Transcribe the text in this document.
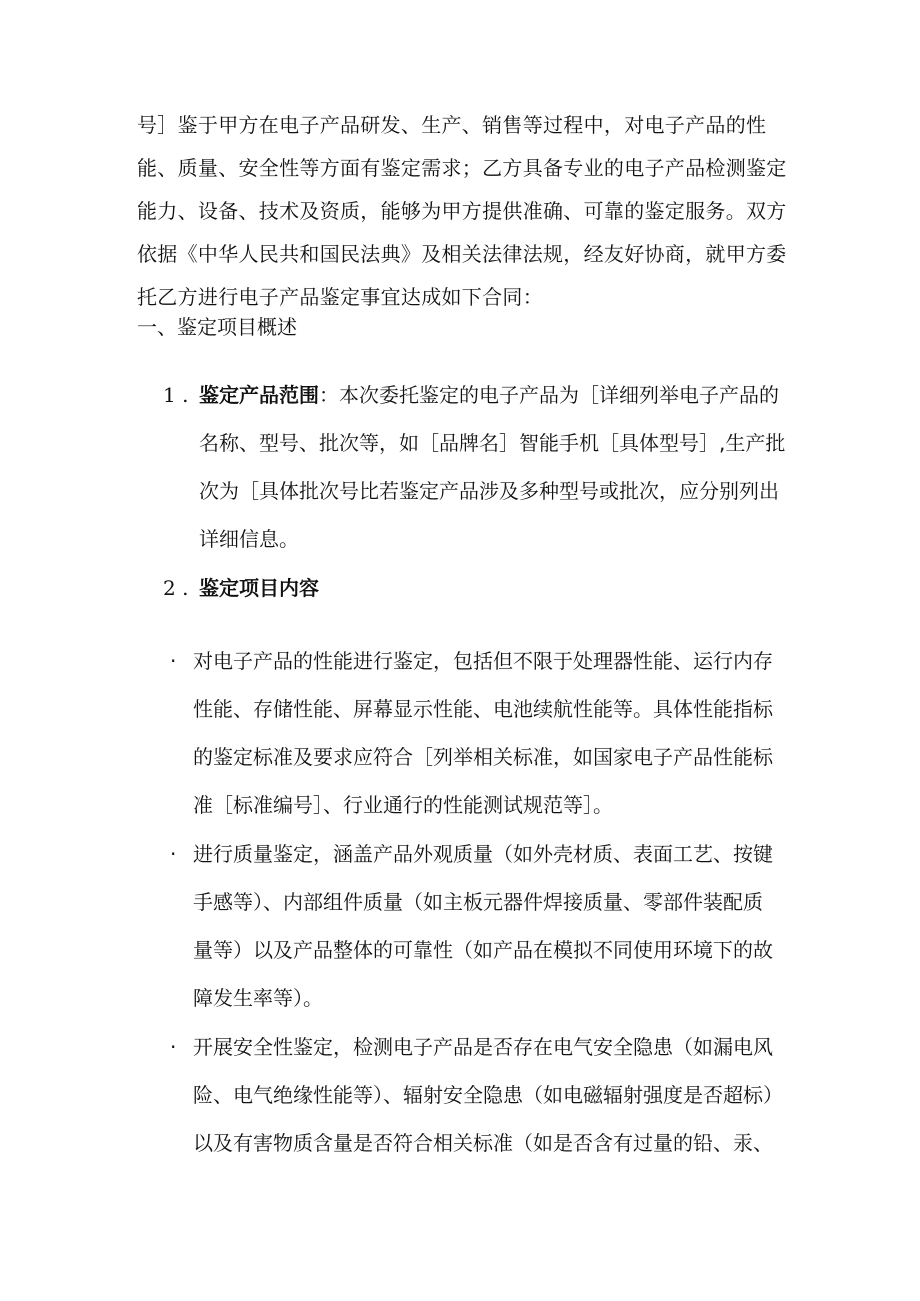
号］鉴于甲方在电子产品研发、生产、销售等过程中，对电子产品的性
能、质量、安全性等方面有鉴定需求；乙方具备专业的电子产品检测鉴定
能力、设备、技术及资质，能够为甲方提供准确、可靠的鉴定服务。双方
依据《中华人民共和国民法典》及相关法律法规，经友好协商，就甲方委
托乙方进行电子产品鉴定事宜达成如下合同：
一、鉴定项目概述
1 . 鉴定产品范围：本次委托鉴定的电子产品为［详细列举电子产品的
名称、型号、批次等，如［品牌名］智能手机［具体型号］,生产批
次为［具体批次号比若鉴定产品涉及多种型号或批次，应分别列出
详细信息。
2 . 鉴定项目内容
· 对电子产品的性能进行鉴定，包括但不限于处理器性能、运行内存
性能、存储性能、屏幕显示性能、电池续航性能等。具体性能指标
的鉴定标准及要求应符合［列举相关标准，如国家电子产品性能标
准［标准编号］、行业通行的性能测试规范等］。
· 进行质量鉴定，涵盖产品外观质量（如外壳材质、表面工艺、按键
手感等）、内部组件质量（如主板元器件焊接质量、零部件装配质
量等）以及产品整体的可靠性（如产品在模拟不同使用环境下的故
障发生率等）。
· 开展安全性鉴定，检测电子产品是否存在电气安全隐患（如漏电风
险、电气绝缘性能等）、辐射安全隐患（如电磁辐射强度是否超标）
以及有害物质含量是否符合相关标准（如是否含有过量的铅、汞、
